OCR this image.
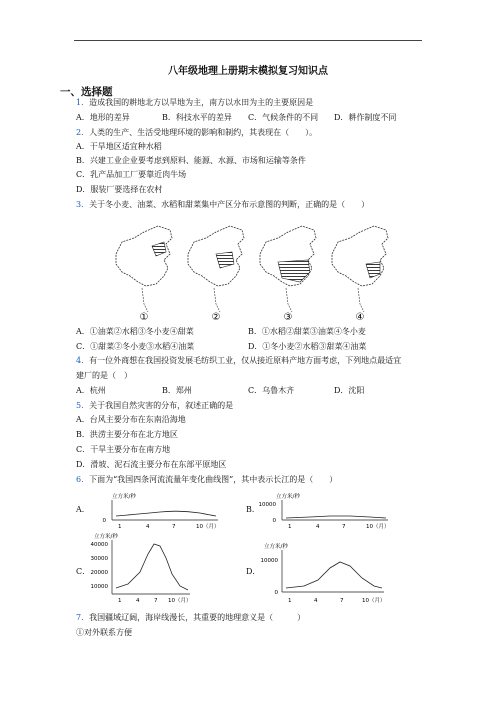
八年级地理上册期末模拟复习知识点
一、选择题
1．造成我国的耕地北方以旱地为主，南方以水田为主的主要原因是
A．地形的差异	B．科技水平的差异 C．气候条件的不同 D．耕作制度不同
2．人类的生产、生活受地理环境的影响和制约，其表现在（　　）。
A．干旱地区适宜种水稻
B．兴建工业企业要考虑到原料、能源、水源、市场和运输等条件
C．乳产品加工厂要靠近肉牛场
D．服装厂要选择在农村
3．关于冬小麦、油菜、水稻和甜菜集中产区分布示意图的判断，正确的是（　　）
①	②	③	④
A．①油菜②水稻③冬小麦④甜菜	B．①水稻②甜菜③油菜④冬小麦
C．①甜菜②冬小麦③水稻④油菜	D．①冬小麦②水稻③甜菜④油菜
4．有一位外商想在我国投资发展毛纺织工业，仅从接近原料产地方面考虑，下列地点最适宜
建厂的是（　）
A．杭州	B．郑州	C．乌鲁木齐	D．沈阳
5．关于我国自然灾害的分布，叙述正确的是
A．台风主要分布在东南沿海地
B．洪涝主要分布在北方地区
C．干旱主要分布在南方地
D．滑坡、泥石流主要分布在东部平原地区
6．下面为“我国四条河流流量年变化曲线图”，其中表示长江的是（　　）
A．	B．
C．	D．
立方米/秒
0
1	4	7	10（月）
立方米/秒
10000
0
1	4	7	10（月）
立方米/秒
40000
30000
20000
10000
1	4	7 10（月）
立方米/秒
10000
0
1	4	7	10（月）
7．我国疆域辽阔，海岸线漫长，其重要的地理意义是（　　　）
①对外联系方便
